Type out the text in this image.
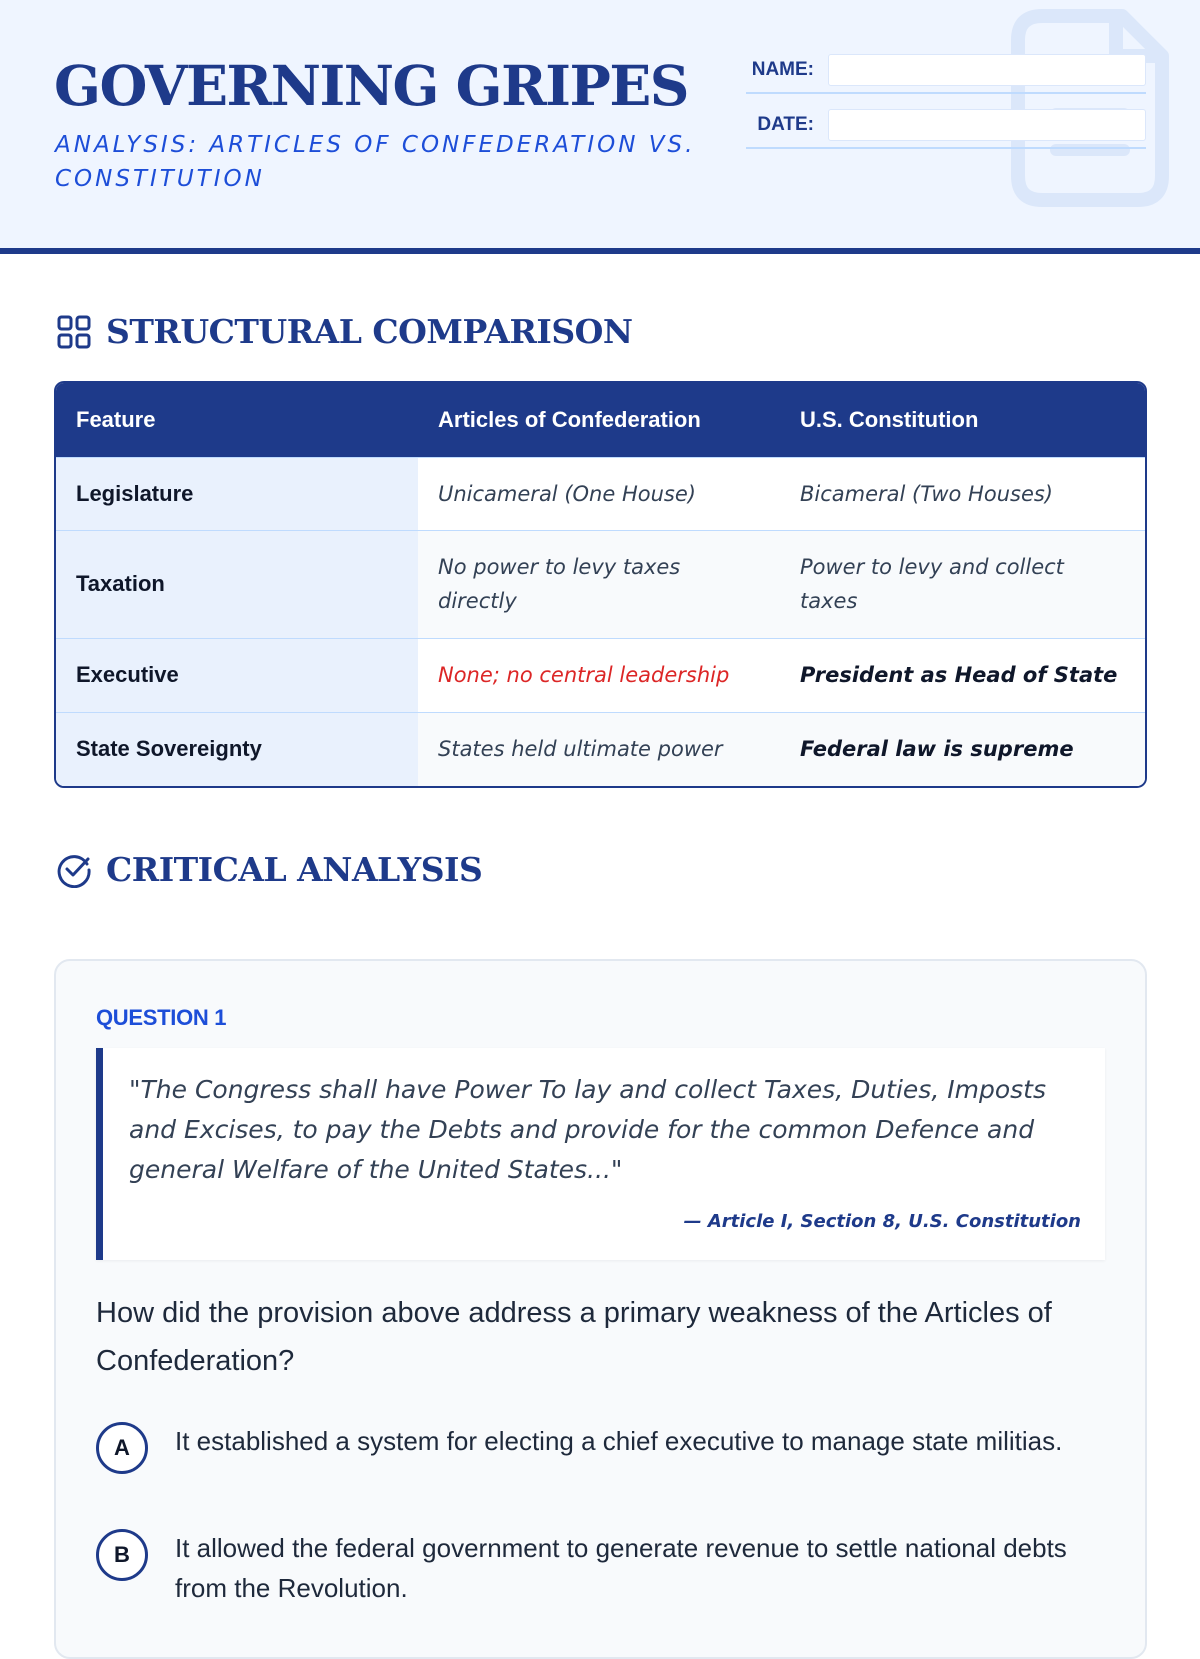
GOVERNING GRIPES
ANALYSIS: ARTICLES OF CONFEDERATION VS. CONSTITUTION
NAME:
DATE:
STRUCTURAL COMPARISON
Feature	Articles of Confederation	U.S. Constitution
Legislature	Unicameral (One House)	Bicameral (Two Houses)
Taxation	No power to levy taxes directly	Power to levy and collect taxes
Executive	None; no central leadership	President as Head of State
State Sovereignty	States held ultimate power	Federal law is supreme
CRITICAL ANALYSIS
QUESTION 1
"The Congress shall have Power To lay and collect Taxes, Duties, Imposts and Excises, to pay the Debts and provide for the common Defence and general Welfare of the United States..."
— Article I, Section 8, U.S. Constitution
How did the provision above address a primary weakness of the Articles of Confederation?
A	It established a system for electing a chief executive to manage state militias.
B	It allowed the federal government to generate revenue to settle national debts from the Revolution.
